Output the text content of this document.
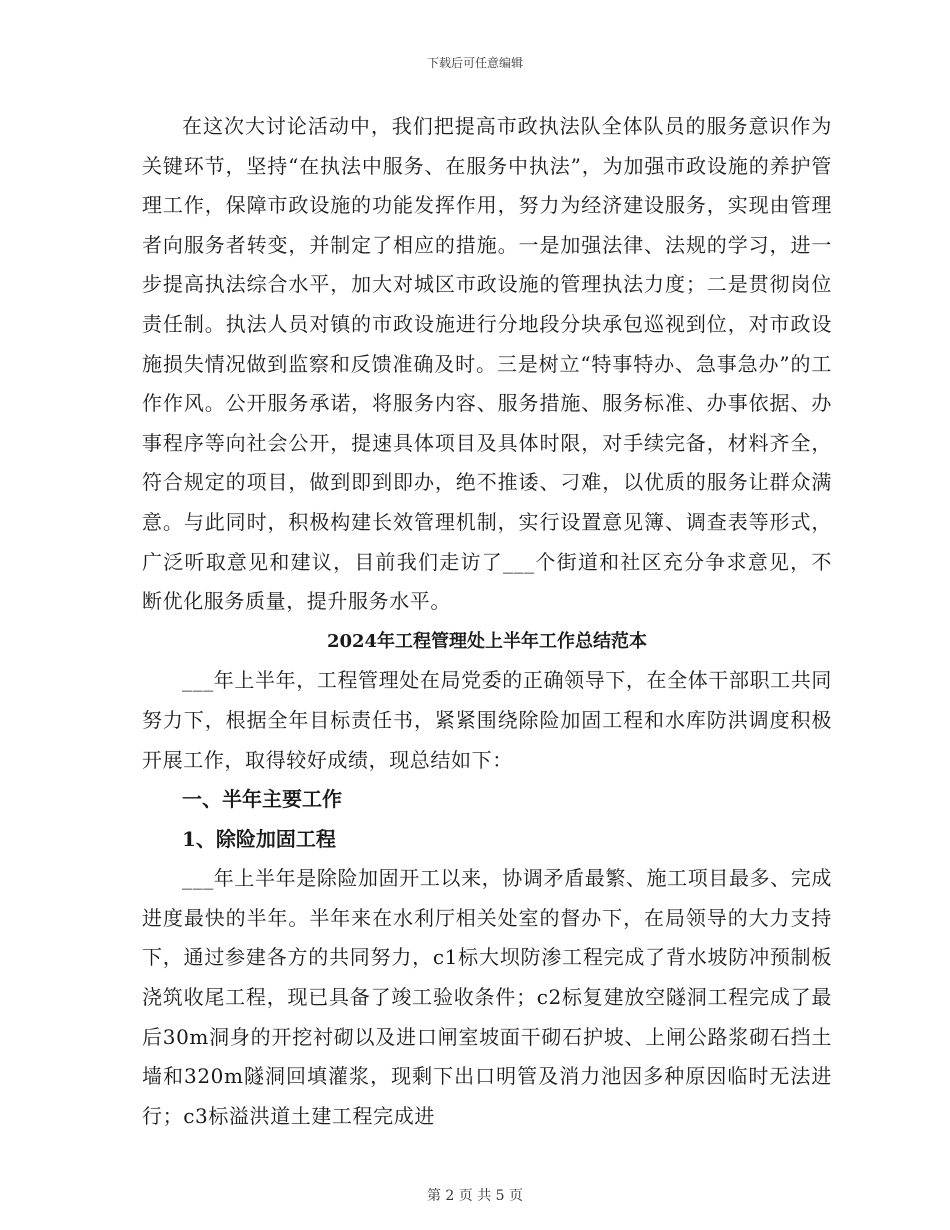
下载后可任意编辑

在这次大讨论活动中，我们把提高市政执法队全体队员的服务意识作为关键环节，坚持“在执法中服务、在服务中执法”，为加强市政设施的养护管理工作，保障市政设施的功能发挥作用，努力为经济建设服务，实现由管理者向服务者转变，并制定了相应的措施。一是加强法律、法规的学习，进一步提高执法综合水平，加大对城区市政设施的管理执法力度；二是贯彻岗位责任制。执法人员对镇的市政设施进行分地段分块承包巡视到位，对市政设施损失情况做到监察和反馈准确及时。三是树立“特事特办、急事急办”的工作作风。公开服务承诺，将服务内容、服务措施、服务标准、办事依据、办事程序等向社会公开，提速具体项目及具体时限，对手续完备，材料齐全，符合规定的项目，做到即到即办，绝不推诿、刁难，以优质的服务让群众满意。与此同时，积极构建长效管理机制，实行设置意见簿、调查表等形式，广泛听取意见和建议，目前我们走访了___个街道和社区充分争求意见，不断优化服务质量，提升服务水平。

2024年工程管理处上半年工作总结范本

___年上半年，工程管理处在局党委的正确领导下，在全体干部职工共同努力下，根据全年目标责任书，紧紧围绕除险加固工程和水库防洪调度积极开展工作，取得较好成绩，现总结如下：

一、半年主要工作
1、除险加固工程

___年上半年是除险加固开工以来，协调矛盾最繁、施工项目最多、完成进度最快的半年。半年来在水利厅相关处室的督办下，在局领导的大力支持下，通过参建各方的共同努力，c1标大坝防渗工程完成了背水坡防冲预制板浇筑收尾工程，现已具备了竣工验收条件；c2标复建放空隧洞工程完成了最后30m洞身的开挖衬砌以及进口闸室坡面干砌石护坡、上闸公路浆砌石挡土墙和320m隧洞回填灌浆，现剩下出口明管及消力池因多种原因临时无法进行；c3标溢洪道土建工程完成进

第 2 页 共 5 页
